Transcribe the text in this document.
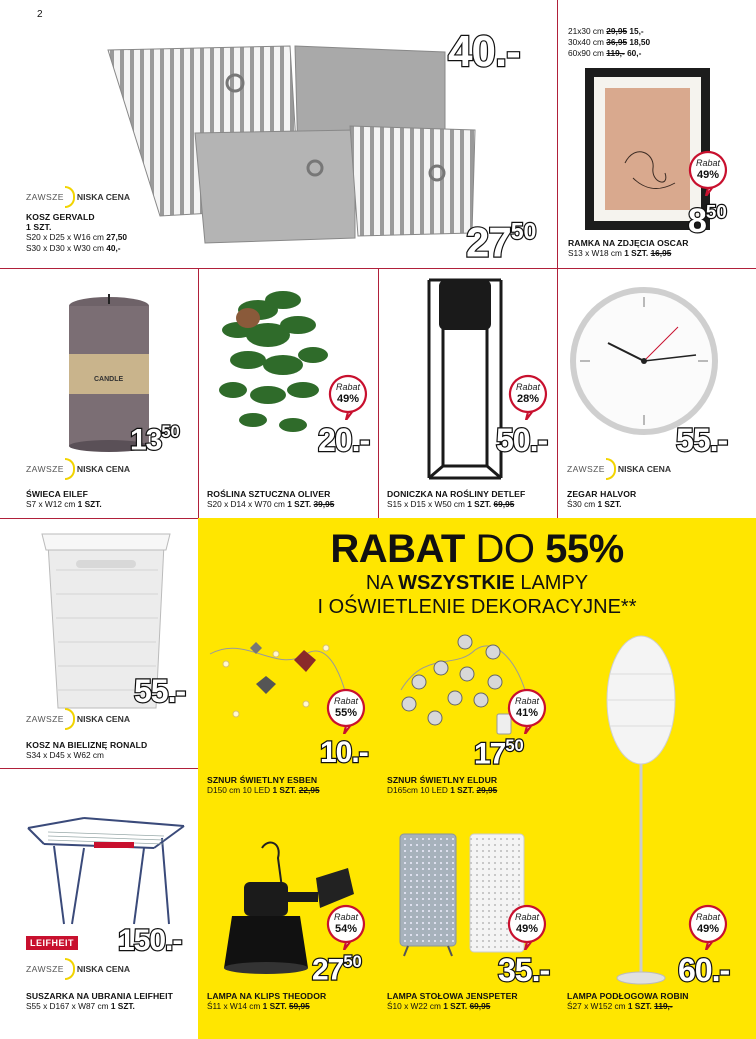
2
40.-
$27^{50}$
ZAWSZE NISKA CENA
KOSZ GERVALD
1 SZT.
S20 x D25 x W16 cm 27,50
S30 x D30 x W30 cm 40,-
21x30 cm 29,95 15,-
30x40 cm 36,95 18,50
60x90 cm 119,- 60,-
Rabat
49%
$8^{50}$
RAMKA NA ZDJĘCIA OSCAR
S13 x W18 cm 1 SZT. 16,95
CANDLE
$13^{50}$
ZAWSZE NISKA CENA
ŚWIECA EILEF
S7 x W12 cm 1 SZT.
Rabat
49%
20.-
ROŚLINA SZTUCZNA OLIVER
S20 x D14 x W70 cm 1 SZT. 39,95
Rabat
28%
50.-
DONICZKA NA ROŚLINY DETLEF
S15 x D15 x W50 cm 1 SZT. 69,95
55.-
ZAWSZE NISKA CENA
ZEGAR HALVOR
Ś30 cm 1 SZT.
55.-
ZAWSZE NISKA CENA
KOSZ NA BIELIZNĘ RONALD
S34 x D45 x W62 cm
LEIFHEIT 150.-
ZAWSZE NISKA CENA
SUSZARKA NA UBRANIA LEIFHEIT
S55 x D167 x W87 cm 1 SZT.
RABAT DO 55%
NA WSZYSTKIE LAMPY
I OŚWIETLENIE DEKORACYJNE**
Rabat
55%
10.-
SZNUR ŚWIETLNY ESBEN
D150 cm 10 LED 1 SZT. 22,95
Rabat
41%
$17^{50}$
SZNUR ŚWIETLNY ELDUR
D165cm 10 LED 1 SZT. 29,95
Rabat
49%
60.-
LAMPA PODŁOGOWA ROBIN
Ś27 x W152 cm 1 SZT. 119,-
Rabat
54%
$27^{50}$
LAMPA NA KLIPS THEODOR
Ś11 x W14 cm 1 SZT. 59,95
Rabat
49%
35.-
LAMPA STOŁOWA JENSPETER
Ś10 x W22 cm 1 SZT. 69,95
